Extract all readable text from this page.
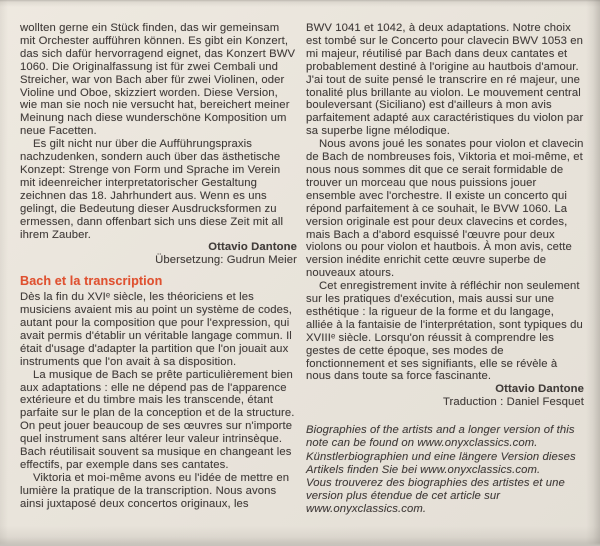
wollten gerne ein Stück finden, das wir gemeinsam mit Orchester aufführen können. Es gibt ein Konzert, das sich dafür hervorragend eignet, das Konzert BWV 1060. Die Originalfassung ist für zwei Cembali und Streicher, war von Bach aber für zwei Violinen, oder Violine und Oboe, skizziert worden. Diese Version, wie man sie noch nie versucht hat, bereichert meiner Meinung nach diese wunderschöne Komposition um neue Facetten.

Es gilt nicht nur über die Aufführungspraxis nachzudenken, sondern auch über das ästhetische Konzept: Strenge von Form und Sprache im Verein mit ideenreicher interpretatorischer Gestaltung zeichnen das 18. Jahrhundert aus. Wenn es uns gelingt, die Bedeutung dieser Ausdrucksformen zu ermessen, dann offenbart sich uns diese Zeit mit all ihrem Zauber.

Ottavio Dantone

Übersetzung: Gudrun Meier

Bach et la transcription

Dès la fin du XVIᵉ siècle, les théoriciens et les musiciens avaient mis au point un système de codes, autant pour la composition que pour l'expression, qui avait permis d'établir un véritable langage commun. Il était d'usage d'adapter la partition que l'on jouait aux instruments que l'on avait à sa disposition.

La musique de Bach se prête particulièrement bien aux adaptations : elle ne dépend pas de l'apparence extérieure et du timbre mais les transcende, étant parfaite sur le plan de la conception et de la structure. On peut jouer beaucoup de ses œuvres sur n'importe quel instrument sans altérer leur valeur intrinsèque. Bach réutilisait souvent sa musique en changeant les effectifs, par exemple dans ses cantates.

Viktoria et moi-même avons eu l'idée de mettre en lumière la pratique de la transcription. Nous avons ainsi juxtaposé deux concertos originaux, les

BWV 1041 et 1042, à deux adaptations. Notre choix est tombé sur le Concerto pour clavecin BWV 1053 en mi majeur, réutilisé par Bach dans deux cantates et probablement destiné à l'origine au hautbois d'amour. J'ai tout de suite pensé le transcrire en ré majeur, une tonalité plus brillante au violon. Le mouvement central bouleversant (Siciliano) est d'ailleurs à mon avis parfaitement adapté aux caractéristiques du violon par sa superbe ligne mélodique.

Nous avons joué les sonates pour violon et clavecin de Bach de nombreuses fois, Viktoria et moi-même, et nous nous sommes dit que ce serait formidable de trouver un morceau que nous puissions jouer ensemble avec l'orchestre. Il existe un concerto qui répond parfaitement à ce souhait, le BVW 1060. La version originale est pour deux clavecins et cordes, mais Bach a d'abord esquissé l'œuvre pour deux violons ou pour violon et hautbois. À mon avis, cette version inédite enrichit cette œuvre superbe de nouveaux atours.

Cet enregistrement invite à réfléchir non seulement sur les pratiques d'exécution, mais aussi sur une esthétique : la rigueur de la forme et du langage, alliée à la fantaisie de l'interprétation, sont typiques du XVIIIᵉ siècle. Lorsqu'on réussit à comprendre les gestes de cette époque, ses modes de fonctionnement et ses signifiants, elle se révèle à nous dans toute sa force fascinante.

Ottavio Dantone

Traduction : Daniel Fesquet

Biographies of the artists and a longer version of this note can be found on www.onyxclassics.com.

Künstlerbiographien und eine längere Version dieses Artikels finden Sie bei www.onyxclassics.com.

Vous trouverez des biographies des artistes et une version plus étendue de cet article sur www.onyxclassics.com.
